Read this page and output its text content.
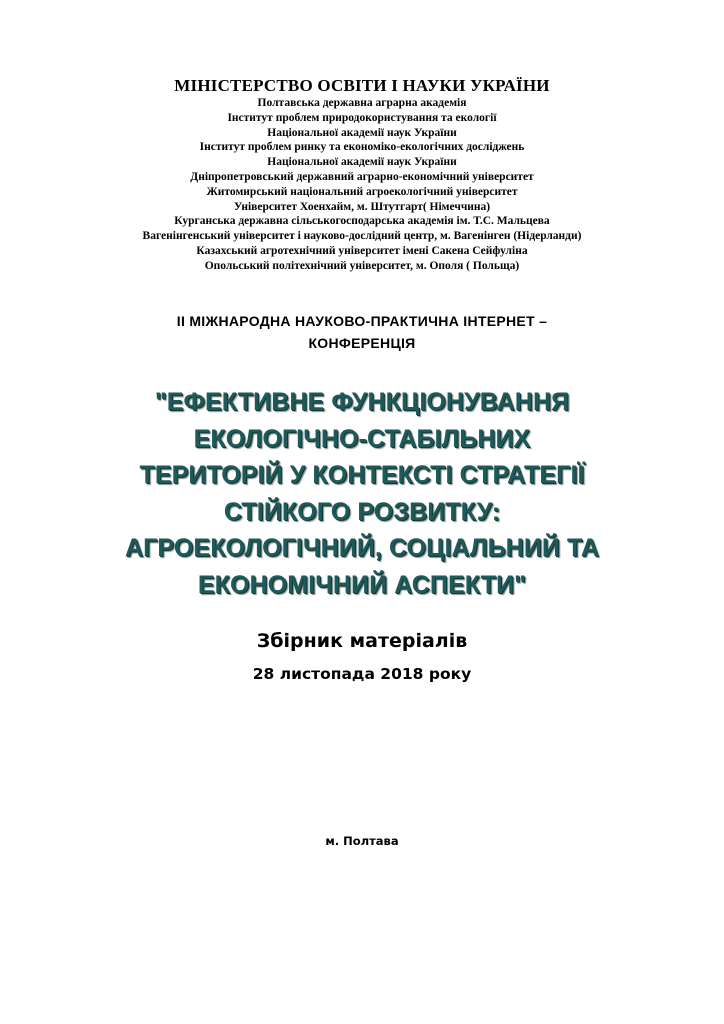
МІНІСТЕРСТВО ОСВІТИ І НАУКИ УКРАЇНИ
Полтавська державна аграрна академія
Інститут проблем природокористування та екології
Національної академії наук України
Інститут проблем ринку та економіко-екологічних досліджень
Національної академії наук України
Дніпропетровський державний аграрно-економічний університет
Житомирський національний агроекологічний університет
Університет Хоенхайм, м. Штутгарт( Німеччина)
Курганська державна сільськогосподарська академія ім. Т.С. Мальцева
Вагенінгенський університет і науково-дослідний центр, м. Вагенінген (Нідерланди)
Казахський агротехнічний університет імені Сакена Сейфуліна
Опольський політехнічний університет, м. Ополя ( Польща)
ІІ МІЖНАРОДНА НАУКОВО-ПРАКТИЧНА ІНТЕРНЕТ –
КОНФЕРЕНЦІЯ
"ЕФЕКТИВНЕ ФУНКЦІОНУВАННЯ
ЕКОЛОГІЧНО-СТАБІЛЬНИХ
ТЕРИТОРІЙ У КОНТЕКСТІ СТРАТЕГІЇ
СТІЙКОГО РОЗВИТКУ:
АГРОЕКОЛОГІЧНИЙ, СОЦІАЛЬНИЙ ТА
ЕКОНОМІЧНИЙ АСПЕКТИ"
Збірник матеріалів
28 листопада 2018 року
м. Полтава
